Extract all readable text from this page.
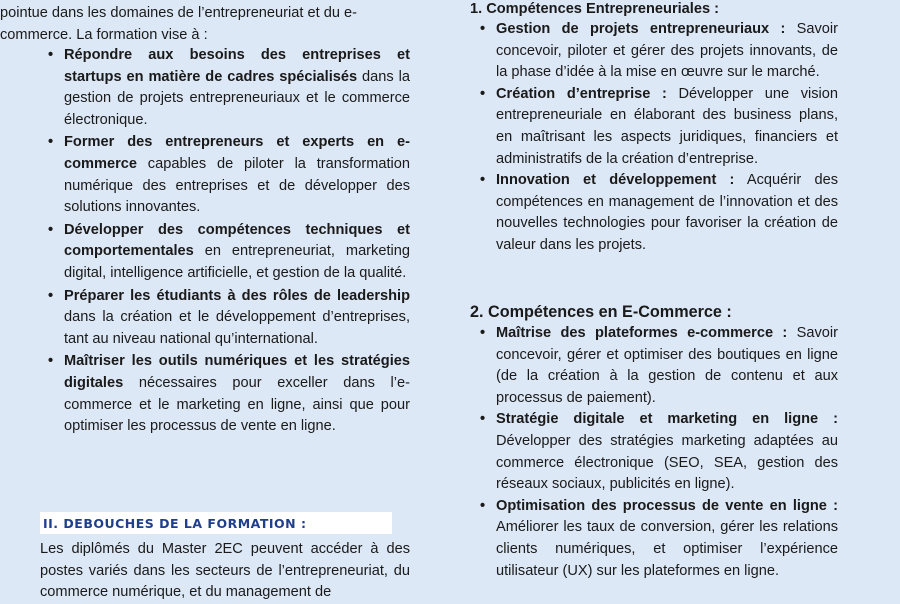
pointue dans les domaines de l’entrepreneuriat et du e-commerce. La formation vise à :

• Répondre aux besoins des entreprises et startups en matière de cadres spécialisés dans la gestion de projets entrepreneuriaux et le commerce électronique.
• Former des entrepreneurs et experts en e-commerce capables de piloter la transformation numérique des entreprises et de développer des solutions innovantes.
• Développer des compétences techniques et comportementales en entrepreneuriat, marketing digital, intelligence artificielle, et gestion de la qualité.
• Préparer les étudiants à des rôles de leadership dans la création et le développement d’entreprises, tant au niveau national qu’international.
• Maîtriser les outils numériques et les stratégies digitales nécessaires pour exceller dans l’e-commerce et le marketing en ligne, ainsi que pour optimiser les processus de vente en ligne.
II. DEBOUCHES DE LA FORMATION :

Les diplômés du Master 2EC peuvent accéder à des postes variés dans les secteurs de l’entrepreneuriat, du commerce numérique, et du management de

1. Compétences Entrepreneuriales :
• Gestion de projets entrepreneuriaux : Savoir concevoir, piloter et gérer des projets innovants, de la phase d’idée à la mise en œuvre sur le marché.
• Création d’entreprise : Développer une vision entrepreneuriale en élaborant des business plans, en maîtrisant les aspects juridiques, financiers et administratifs de la création d’entreprise.
• Innovation et développement : Acquérir des compétences en management de l’innovation et des nouvelles technologies pour favoriser la création de valeur dans les projets.
2. Compétences en E-Commerce :
• Maîtrise des plateformes e-commerce : Savoir concevoir, gérer et optimiser des boutiques en ligne (de la création à la gestion de contenu et aux processus de paiement).
• Stratégie digitale et marketing en ligne : Développer des stratégies marketing adaptées au commerce électronique (SEO, SEA, gestion des réseaux sociaux, publicités en ligne).
• Optimisation des processus de vente en ligne : Améliorer les taux de conversion, gérer les relations clients numériques, et optimiser l’expérience utilisateur (UX) sur les plateformes en ligne.
